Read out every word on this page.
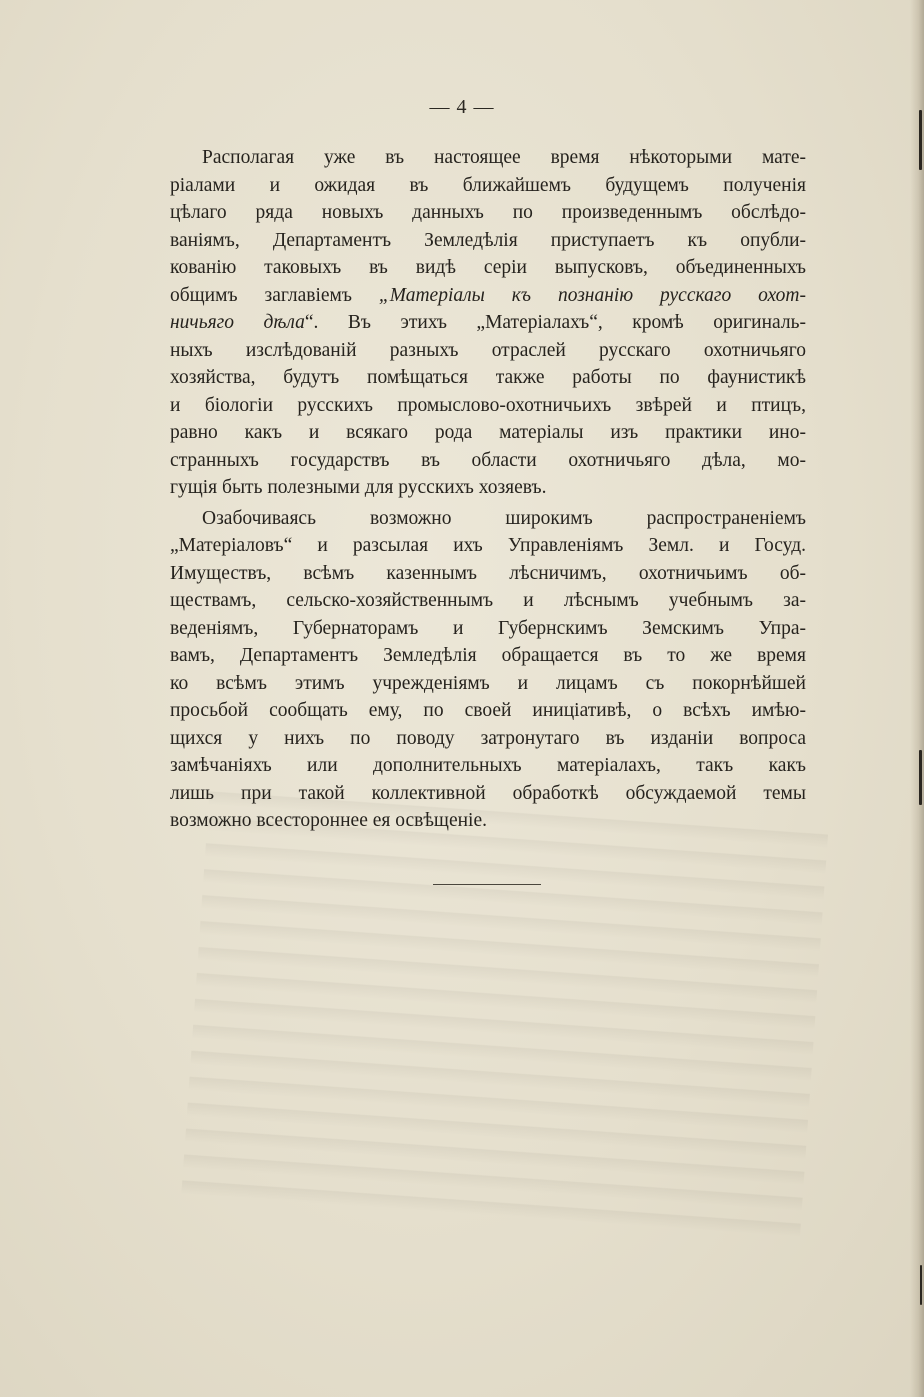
— 4 —
Располагая уже въ настоящее время нѣкоторыми мате-
ріалами и ожидая въ ближайшемъ будущемъ полученія
цѣлаго ряда новыхъ данныхъ по произведеннымъ обслѣдо-
ваніямъ, Департаментъ Земледѣлія приступаетъ къ опубли-
кованію таковыхъ въ видѣ серіи выпусковъ, объединенныхъ
общимъ заглавіемъ „Матеріалы къ познанію русскаго охот-
ничьяго дѣла“. Въ этихъ „Матеріалахъ“, кромѣ оригиналь-
ныхъ изслѣдованій разныхъ отраслей русскаго охотничьяго
хозяйства, будутъ помѣщаться также работы по фаунистикѣ
и біологіи русскихъ промыслово-охотничьихъ звѣрей и птицъ,
равно какъ и всякаго рода матеріалы изъ практики ино-
странныхъ государствъ въ области охотничьяго дѣла, мо-
гущія быть полезными для русскихъ хозяевъ.
Озабочиваясь возможно широкимъ распространеніемъ
„Матеріаловъ“ и разсылая ихъ Управленіямъ Земл. и Госуд.
Имуществъ, всѣмъ казеннымъ лѣсничимъ, охотничьимъ об-
ществамъ, сельско-хозяйственнымъ и лѣснымъ учебнымъ за-
веденіямъ, Губернаторамъ и Губернскимъ Земскимъ Упра-
вамъ, Департаментъ Земледѣлія обращается въ то же время
ко всѣмъ этимъ учрежденіямъ и лицамъ съ покорнѣйшей
просьбой сообщать ему, по своей иниціативѣ, о всѣхъ имѣю-
щихся у нихъ по поводу затронутаго въ изданіи вопроса
замѣчаніяхъ или дополнительныхъ матеріалахъ, такъ какъ
лишь при такой коллективной обработкѣ обсуждаемой темы
возможно всестороннее ея освѣщеніе.
